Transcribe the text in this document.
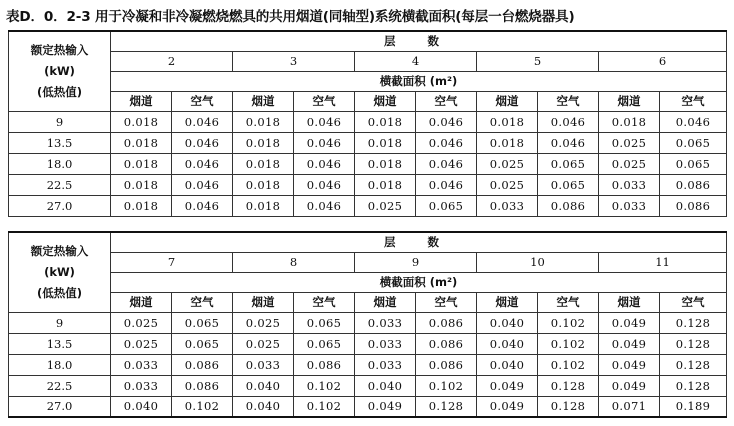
表D．0．2-3 用于冷凝和非冷凝燃烧燃具的共用烟道(同轴型)系统横截面积(每层一台燃烧器具)
额定热输入
(kW)
(低热值)	层 数									
	2		3		4		5		6	
	横截面积 (m²)									
	烟道	空气	烟道	空气	烟道	空气	烟道	空气	烟道	空气
9	0.018	0.046	0.018	0.046	0.018	0.046	0.018	0.046	0.018	0.046
13.5	0.018	0.046	0.018	0.046	0.018	0.046	0.018	0.046	0.025	0.065
18.0	0.018	0.046	0.018	0.046	0.018	0.046	0.025	0.065	0.025	0.065
22.5	0.018	0.046	0.018	0.046	0.018	0.046	0.025	0.065	0.033	0.086
27.0	0.018	0.046	0.018	0.046	0.025	0.065	0.033	0.086	0.033	0.086
额定热输入
(kW)
(低热值)	层 数									
	7		8		9		10		11	
	横截面积 (m²)									
	烟道	空气	烟道	空气	烟道	空气	烟道	空气	烟道	空气
9	0.025	0.065	0.025	0.065	0.033	0.086	0.040	0.102	0.049	0.128
13.5	0.025	0.065	0.025	0.065	0.033	0.086	0.040	0.102	0.049	0.128
18.0	0.033	0.086	0.033	0.086	0.033	0.086	0.040	0.102	0.049	0.128
22.5	0.033	0.086	0.040	0.102	0.040	0.102	0.049	0.128	0.049	0.128
27.0	0.040	0.102	0.040	0.102	0.049	0.128	0.049	0.128	0.071	0.189
